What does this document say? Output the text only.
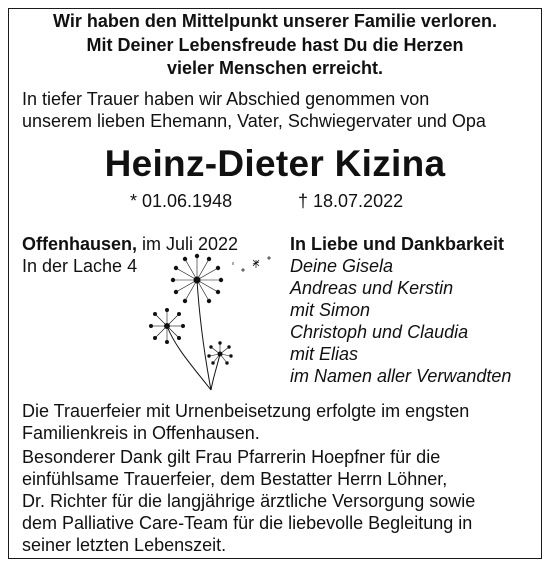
Wir haben den Mittelpunkt unserer Familie verloren.
Mit Deiner Lebensfreude hast Du die Herzen
vieler Menschen erreicht.
In tiefer Trauer haben wir Abschied genommen von
unserem lieben Ehemann, Vater, Schwiegervater und Opa
Heinz-Dieter Kizina
* 01.06.1948	† 18.07.2022
Offenhausen, im Juli 2022
In der Lache 4
In Liebe und Dankbarkeit
Deine Gisela
Andreas und Kerstin
mit Simon
Christoph und Claudia
mit Elias
im Namen aller Verwandten
Die Trauerfeier mit Urnenbeisetzung erfolgte im engsten
Familienkreis in Offenhausen.
Besonderer Dank gilt Frau Pfarrerin Hoepfner für die
einfühlsame Trauerfeier, dem Bestatter Herrn Löhner,
Dr. Richter für die langjährige ärztliche Versorgung sowie
dem Palliative Care-Team für die liebevolle Begleitung in
seiner letzten Lebenszeit.
